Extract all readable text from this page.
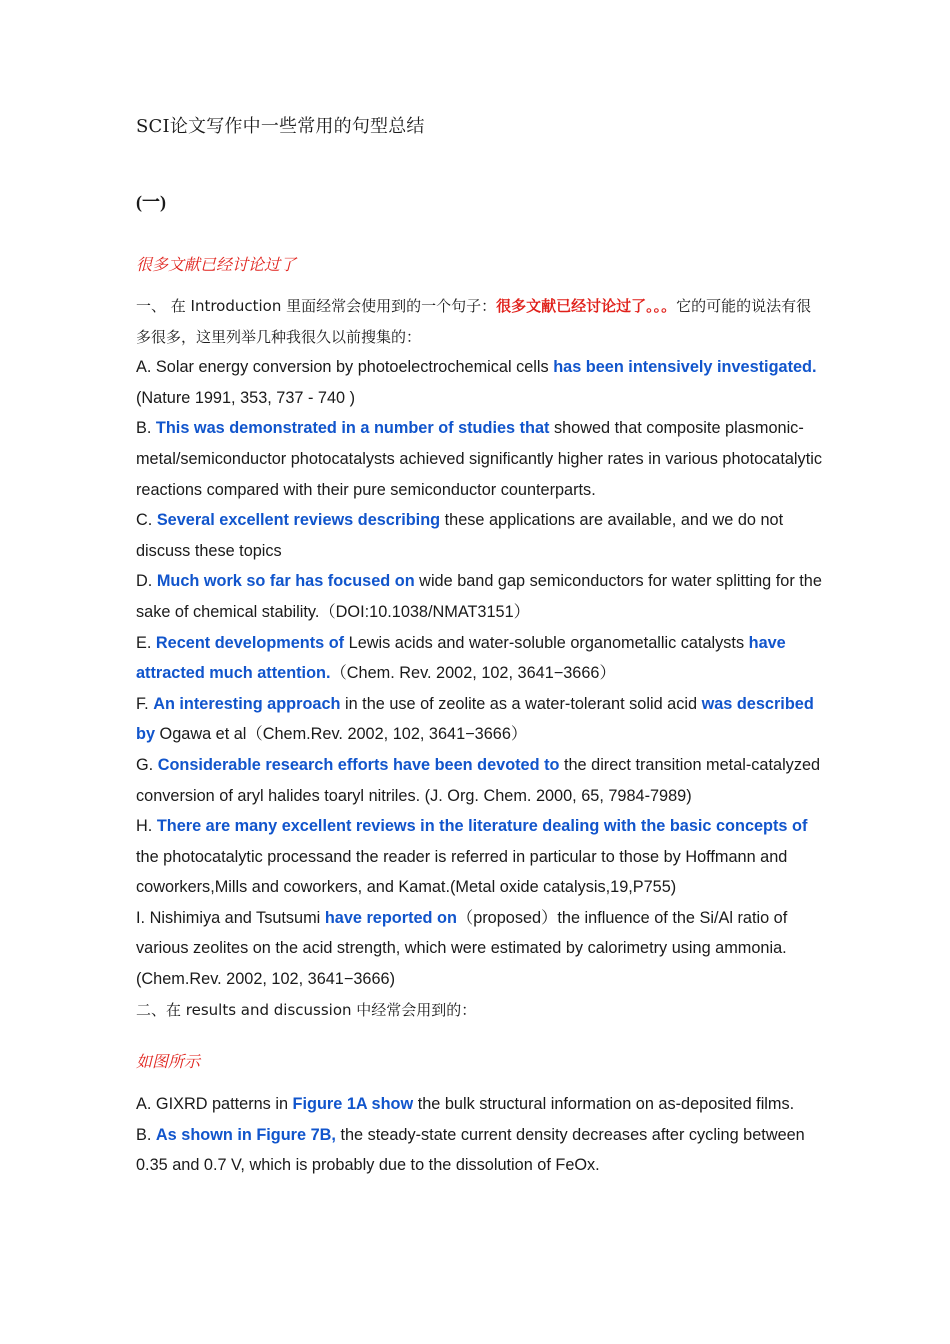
SCI论文写作中一些常用的句型总结
(一)
很多文献已经讨论过了

一、 在 Introduction 里面经常会使用到的一个句子：很多文献已经讨论过了。。。它的可能的说法有很多很多，这里列举几种我很久以前搜集的：

A. Solar energy conversion by photoelectrochemical cells has been intensively investigated. (Nature 1991, 353, 737 - 740 )

B. This was demonstrated in a number of studies that showed that composite plasmonic-metal/semiconductor photocatalysts achieved significantly higher rates in various photocatalytic reactions compared with their pure semiconductor counterparts.

C. Several excellent reviews describing these applications are available, and we do not discuss these topics

D. Much work so far has focused on wide band gap semiconductors for water splitting for the sake of chemical stability.（DOI:10.1038/NMAT3151）

E. Recent developments of Lewis acids and water-soluble organometallic catalysts have attracted much attention.（Chem. Rev. 2002, 102, 3641−3666）

F. An interesting approach in the use of zeolite as a water-tolerant solid acid was described by Ogawa et al（Chem.Rev. 2002, 102, 3641−3666）

G. Considerable research efforts have been devoted to the direct transition metal-catalyzed conversion of aryl halides toaryl nitriles. (J. Org. Chem. 2000, 65, 7984-7989)

H. There are many excellent reviews in the literature dealing with the basic concepts of the photocatalytic processand the reader is referred in particular to those by Hoffmann and coworkers,Mills and coworkers, and Kamat.(Metal oxide catalysis,19,P755)

I. Nishimiya and Tsutsumi have reported on（proposed）the influence of the Si/Al ratio of various zeolites on the acid strength, which were estimated by calorimetry using ammonia. (Chem.Rev. 2002, 102, 3641−3666)

二、在 results and discussion 中经常会用到的：

如图所示

A. GIXRD patterns in Figure 1A show the bulk structural information on as-deposited films.

B. As shown in Figure 7B, the steady-state current density decreases after cycling between 0.35 and 0.7 V, which is probably due to the dissolution of FeOx.
